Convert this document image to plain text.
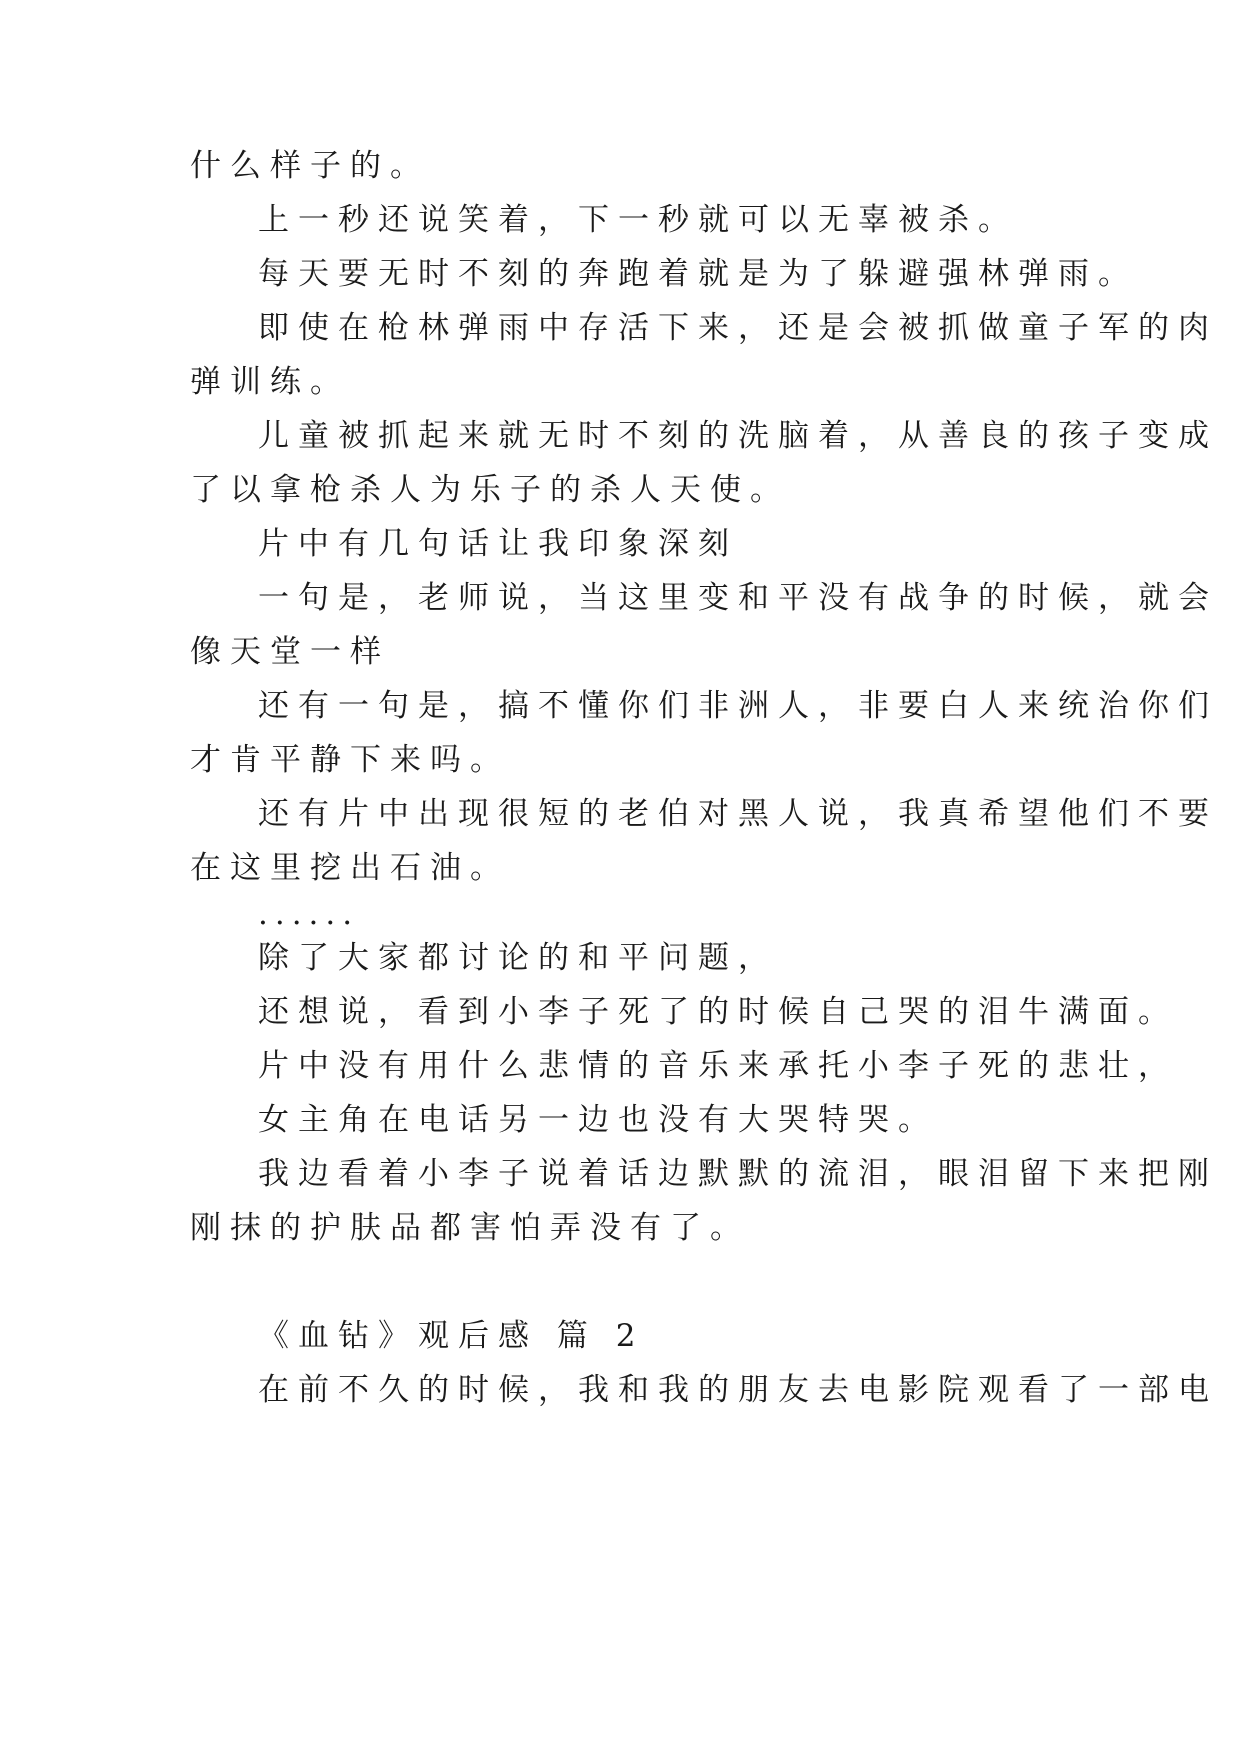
什么样子的。
上一秒还说笑着，下一秒就可以无辜被杀。
每天要无时不刻的奔跑着就是为了躲避强林弹雨。
即使在枪林弹雨中存活下来，还是会被抓做童子军的肉
弹训练。
儿童被抓起来就无时不刻的洗脑着，从善良的孩子变成
了以拿枪杀人为乐子的杀人天使。
片中有几句话让我印象深刻
一句是，老师说，当这里变和平没有战争的时候，就会
像天堂一样
还有一句是，搞不懂你们非洲人，非要白人来统治你们
才肯平静下来吗。
还有片中出现很短的老伯对黑人说，我真希望他们不要
在这里挖出石油。
......
除了大家都讨论的和平问题，
还想说，看到小李子死了的时候自己哭的泪牛满面。
片中没有用什么悲情的音乐来承托小李子死的悲壮，
女主角在电话另一边也没有大哭特哭。
我边看着小李子说着话边默默的流泪，眼泪留下来把刚
刚抹的护肤品都害怕弄没有了。
《血钻》观后感 篇 2
在前不久的时候，我和我的朋友去电影院观看了一部电
